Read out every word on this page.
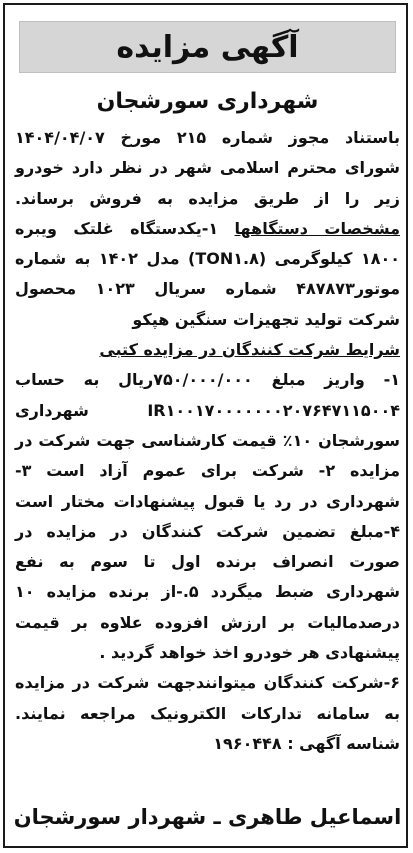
آگهی مزایده
شهرداری سورشجان

باستناد مجوز شماره ۲۱۵ مورخ ۱۴۰۴/۰۴/۰۷ شورای محترم اسلامی شهر در نظر دارد خودرو زیر را از طریق مزایده به فروش برساند. مشخصات دستگاهها ۱-یکدستگاه غلتک ویبره ۱۸۰۰ کیلوگرمی (TON۱.۸) مدل ۱۴۰۲ به شماره موتور۴۸۷۸۷۳ شماره سریال ۱۰۲۳ محصول شرکت تولید تجهیزات سنگین هپکو

شرایط شرکت کنندگان در مزایده کتبی

۱- واریز مبلغ ۷۵۰/۰۰۰/۰۰۰ریال به حساب IR۱۰۰۱۷۰۰۰۰۰۰۰۲۰۷۶۴۷۱۱۵۰۰۴ شهرداری سورشجان ۱۰٪ قیمت کارشناسی جهت شرکت در مزایده ۲- شرکت برای عموم آزاد است ۳-شهرداری در رد یا قبول پیشنهادات مختار است ۴-مبلغ تضمین شرکت کنندگان در مزایده در صورت انصراف برنده اول تا سوم به نفع شهرداری ضبط میگردد ۵.-از برنده مزایده ۱۰ درصدمالیات بر ارزش افزوده علاوه بر قیمت پیشنهادی هر خودرو اخذ خواهد گردید .

۶-شرکت کنندگان میتوانندجهت شرکت در مزایده به سامانه تدارکات الکترونیک مراجعه نمایند. شناسه آگهی : ۱۹۶۰۴۴۸

اسماعیل طاهری ـ شهردار سورشجان
